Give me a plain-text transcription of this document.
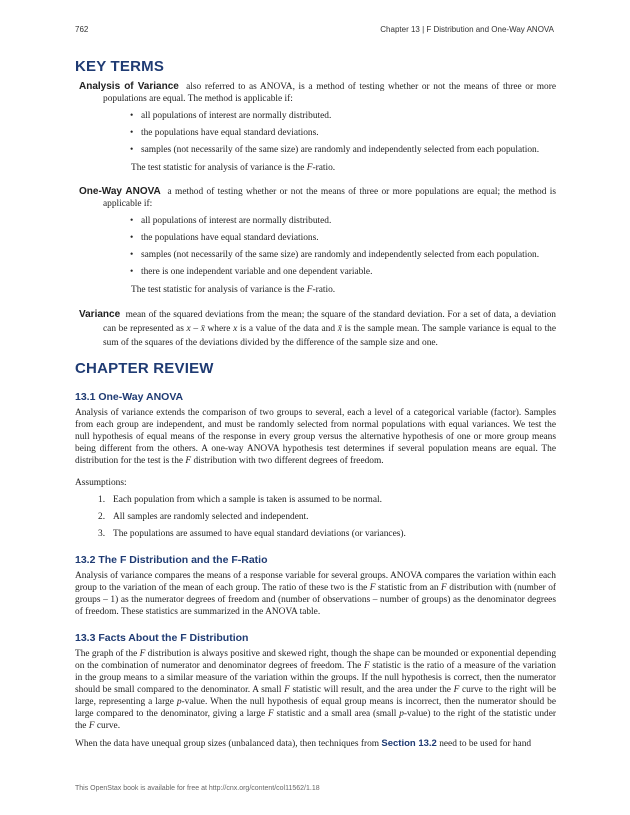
762	Chapter 13 | F Distribution and One-Way ANOVA
KEY TERMS
Analysis of Variance also referred to as ANOVA, is a method of testing whether or not the means of three or more populations are equal. The method is applicable if:
• all populations of interest are normally distributed.
• the populations have equal standard deviations.
• samples (not necessarily of the same size) are randomly and independently selected from each population.
The test statistic for analysis of variance is the F-ratio.
One-Way ANOVA a method of testing whether or not the means of three or more populations are equal; the method is applicable if:
• all populations of interest are normally distributed.
• the populations have equal standard deviations.
• samples (not necessarily of the same size) are randomly and independently selected from each population.
• there is one independent variable and one dependent variable.
The test statistic for analysis of variance is the F-ratio.
Variance mean of the squared deviations from the mean; the square of the standard deviation. For a set of data, a deviation can be represented as x – x̄ where x is a value of the data and x̄ is the sample mean. The sample variance is equal to the sum of the squares of the deviations divided by the difference of the sample size and one.
CHAPTER REVIEW
13.1 One-Way ANOVA
Analysis of variance extends the comparison of two groups to several, each a level of a categorical variable (factor). Samples from each group are independent, and must be randomly selected from normal populations with equal variances. We test the null hypothesis of equal means of the response in every group versus the alternative hypothesis of one or more group means being different from the others. A one-way ANOVA hypothesis test determines if several population means are equal. The distribution for the test is the F distribution with two different degrees of freedom.
Assumptions:
1. Each population from which a sample is taken is assumed to be normal.
2. All samples are randomly selected and independent.
3. The populations are assumed to have equal standard deviations (or variances).
13.2 The F Distribution and the F-Ratio
Analysis of variance compares the means of a response variable for several groups. ANOVA compares the variation within each group to the variation of the mean of each group. The ratio of these two is the F statistic from an F distribution with (number of groups – 1) as the numerator degrees of freedom and (number of observations – number of groups) as the denominator degrees of freedom. These statistics are summarized in the ANOVA table.
13.3 Facts About the F Distribution
The graph of the F distribution is always positive and skewed right, though the shape can be mounded or exponential depending on the combination of numerator and denominator degrees of freedom. The F statistic is the ratio of a measure of the variation in the group means to a similar measure of the variation within the groups. If the null hypothesis is correct, then the numerator should be small compared to the denominator. A small F statistic will result, and the area under the F curve to the right will be large, representing a large p-value. When the null hypothesis of equal group means is incorrect, then the numerator should be large compared to the denominator, giving a large F statistic and a small area (small p-value) to the right of the statistic under the F curve.
When the data have unequal group sizes (unbalanced data), then techniques from Section 13.2 need to be used for hand
This OpenStax book is available for free at http://cnx.org/content/col11562/1.18
